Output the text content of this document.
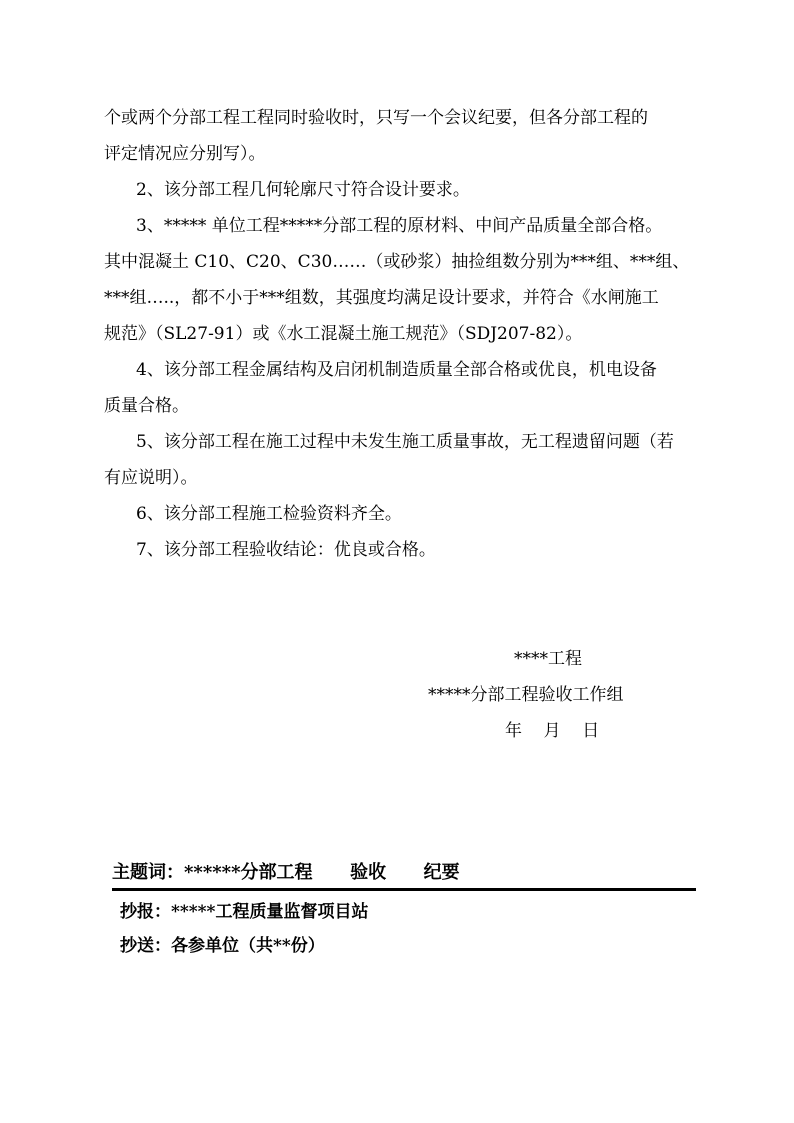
个或两个分部工程工程同时验收时，只写一个会议纪要，但各分部工程的
评定情况应分别写）。
2、该分部工程几何轮廓尺寸符合设计要求。
3、***** 单位工程*****分部工程的原材料、中间产品质量全部合格。
其中混凝土 C10、C20、C30……（或砂浆）抽捡组数分别为***组、***组、
***组…..，都不小于***组数，其强度均满足设计要求，并符合《水闸施工
规范》（SL27-91）或《水工混凝土施工规范》（SDJ207-82）。
4、该分部工程金属结构及启闭机制造质量全部合格或优良，机电设备
质量合格。
5、该分部工程在施工过程中未发生施工质量事故，无工程遗留问题（若
有应说明）。
6、该分部工程施工检验资料齐全。
7、该分部工程验收结论：优良或合格。
****工程
*****分部工程验收工作组
年    月    日
主题词：******分部工程      验收      纪要
抄报：*****工程质量监督项目站
抄送：各参单位（共**份）
